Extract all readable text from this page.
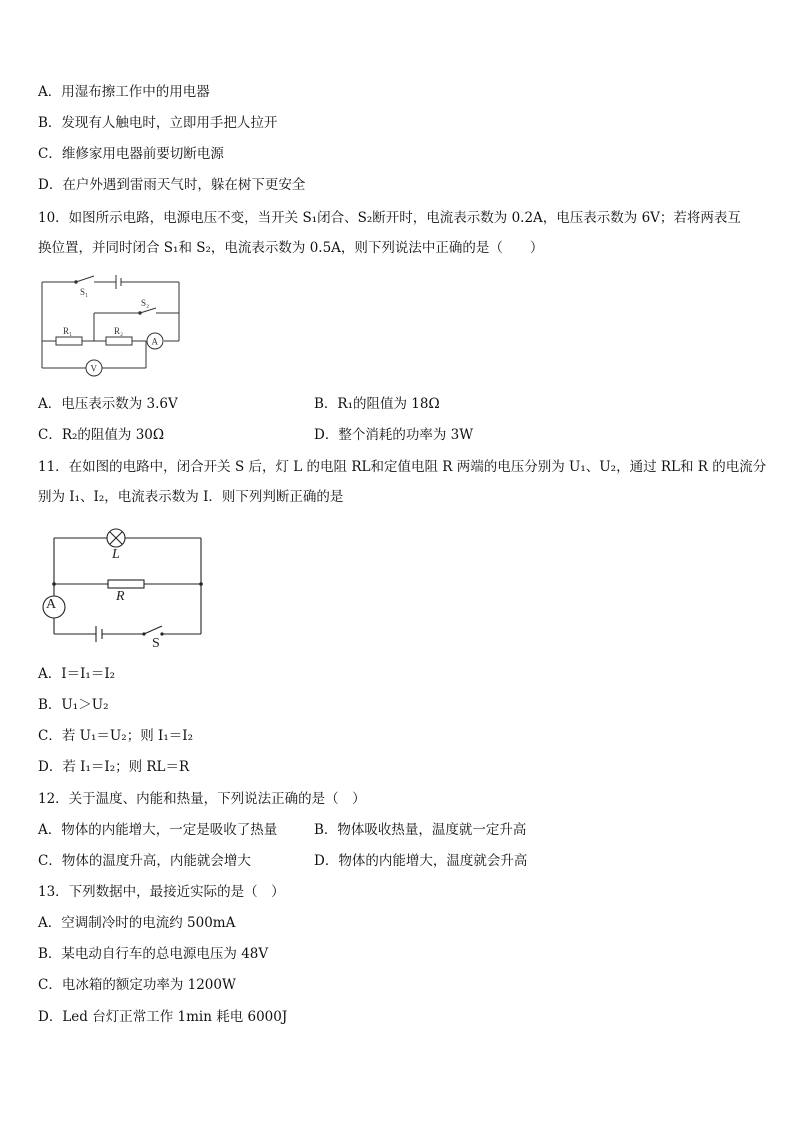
A．用湿布擦工作中的用电器
B．发现有人触电时，立即用手把人拉开
C．维修家用电器前要切断电源
D．在户外遇到雷雨天气时，躲在树下更安全
10．如图所示电路，电源电压不变，当开关 S₁闭合、S₂断开时，电流表示数为 0.2A，电压表示数为 6V；若将两表互
换位置，并同时闭合 S₁和 S₂，电流表示数为 0.5A，则下列说法中正确的是（　　）
S₁
S₂
R₁	R₂
A
V
A．电压表示数为 3.6V	B．R₁的阻值为 18Ω
C．R₂的阻值为 30Ω	D．整个消耗的功率为 3W
11．在如图的电路中，闭合开关 S 后，灯 L 的电阻 RL和定值电阻 R 两端的电压分别为 U₁、U₂，通过 RL和 R 的电流分
别为 I₁、I₂，电流表示数为 I．则下列判断正确的是
L
R
A
S
A．I＝I₁＝I₂
B．U₁＞U₂
C．若 U₁＝U₂；则 I₁＝I₂
D．若 I₁＝I₂；则 RL＝R
12．关于温度、内能和热量，下列说法正确的是（　）
A．物体的内能增大，一定是吸收了热量	B．物体吸收热量，温度就一定升高
C．物体的温度升高，内能就会增大	D．物体的内能增大，温度就会升高
13．下列数据中，最接近实际的是（　）
A．空调制冷时的电流约 500mA
B．某电动自行车的总电源电压为 48V
C．电冰箱的额定功率为 1200W
D．Led 台灯正常工作 1min 耗电 6000J
